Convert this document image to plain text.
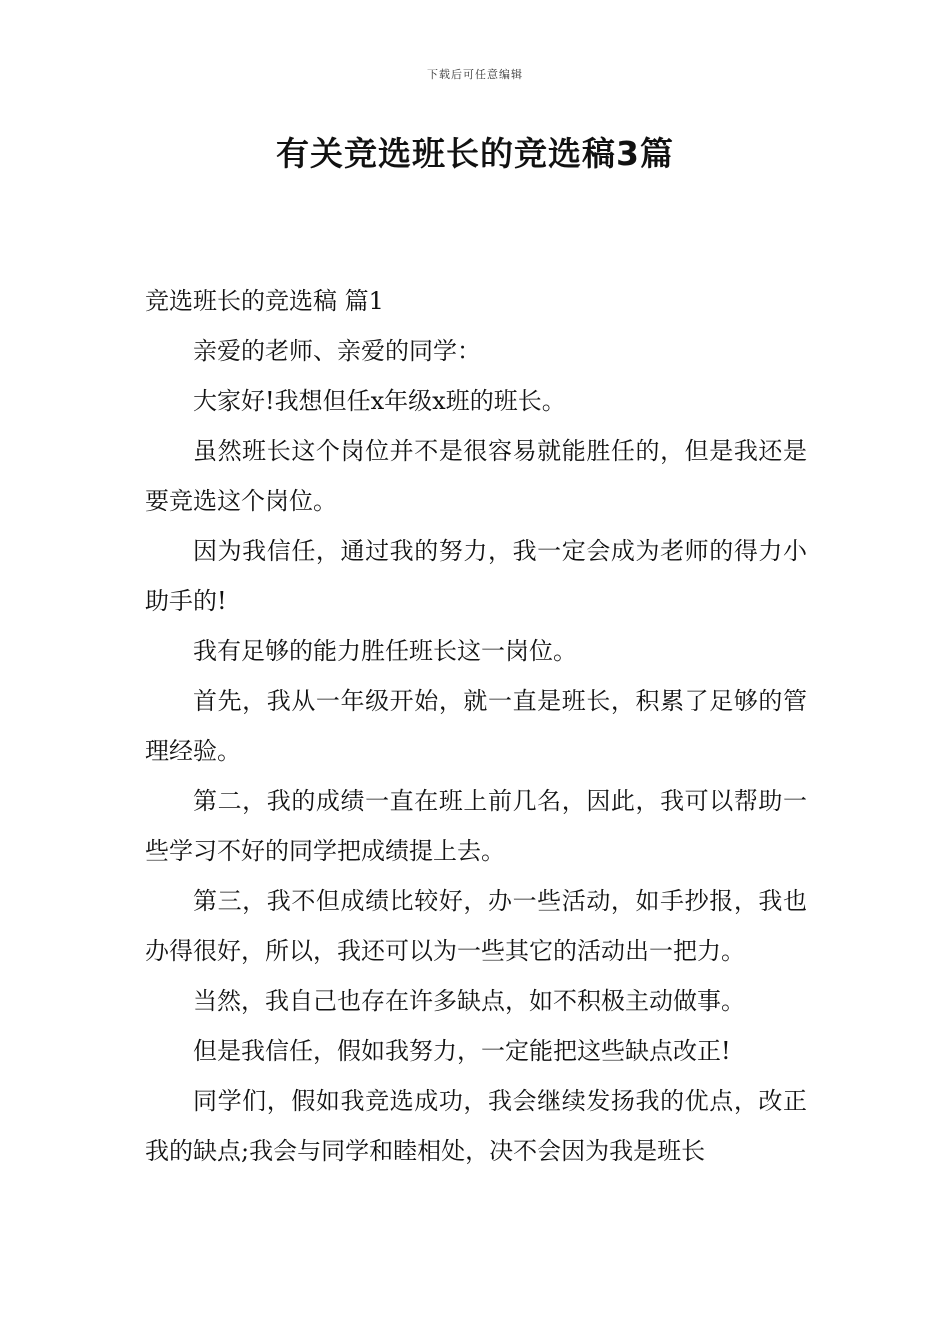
下载后可任意编辑
有关竞选班长的竞选稿3篇
竞选班长的竞选稿 篇1

亲爱的老师、亲爱的同学：

大家好!我想但任x年级x班的班长。

虽然班长这个岗位并不是很容易就能胜任的，但是我还是要竞选这个岗位。

因为我信任，通过我的努力，我一定会成为老师的得力小助手的!

我有足够的能力胜任班长这一岗位。

首先，我从一年级开始，就一直是班长，积累了足够的管理经验。

第二，我的成绩一直在班上前几名，因此，我可以帮助一些学习不好的同学把成绩提上去。

第三，我不但成绩比较好，办一些活动，如手抄报，我也办得很好，所以，我还可以为一些其它的活动出一把力。

当然，我自己也存在许多缺点，如不积极主动做事。

但是我信任，假如我努力，一定能把这些缺点改正!

同学们，假如我竞选成功，我会继续发扬我的优点，改正我的缺点;我会与同学和睦相处，决不会因为我是班长
